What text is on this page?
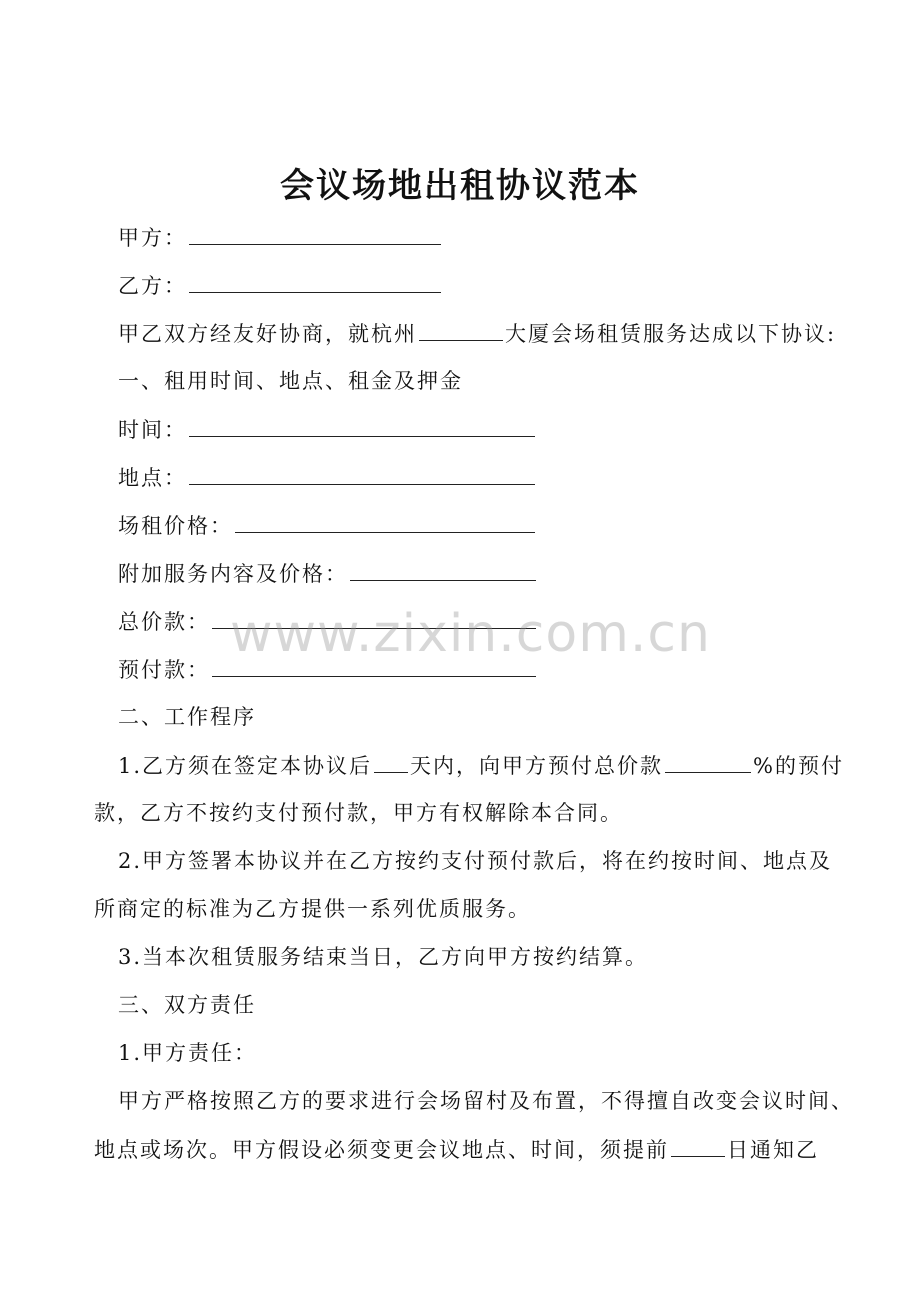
会议场地出租协议范本
甲方：
乙方：
甲乙双方经友好协商，就杭州	大厦会场租赁服务达成以下协议:
一、租用时间、地点、租金及押金
时间：
地点：
场租价格：
附加服务内容及价格：
总价款：
预付款：
二、工作程序
1.乙方须在签定本协议后 天内，向甲方预付总价款	%的预付
款，乙方不按约支付预付款，甲方有权解除本合同。
2.甲方签署本协议并在乙方按约支付预付款后，将在约按时间、地点及
所商定的标准为乙方提供一系列优质服务。
3.当本次租赁服务结束当日，乙方向甲方按约结算。
三、双方责任
1.甲方责任：
甲方严格按照乙方的要求进行会场留村及布置，不得擅自改变会议时间、
地点或场次。甲方假设必须变更会议地点、时间，须提前	日通知乙
www.zixin.com.cn
